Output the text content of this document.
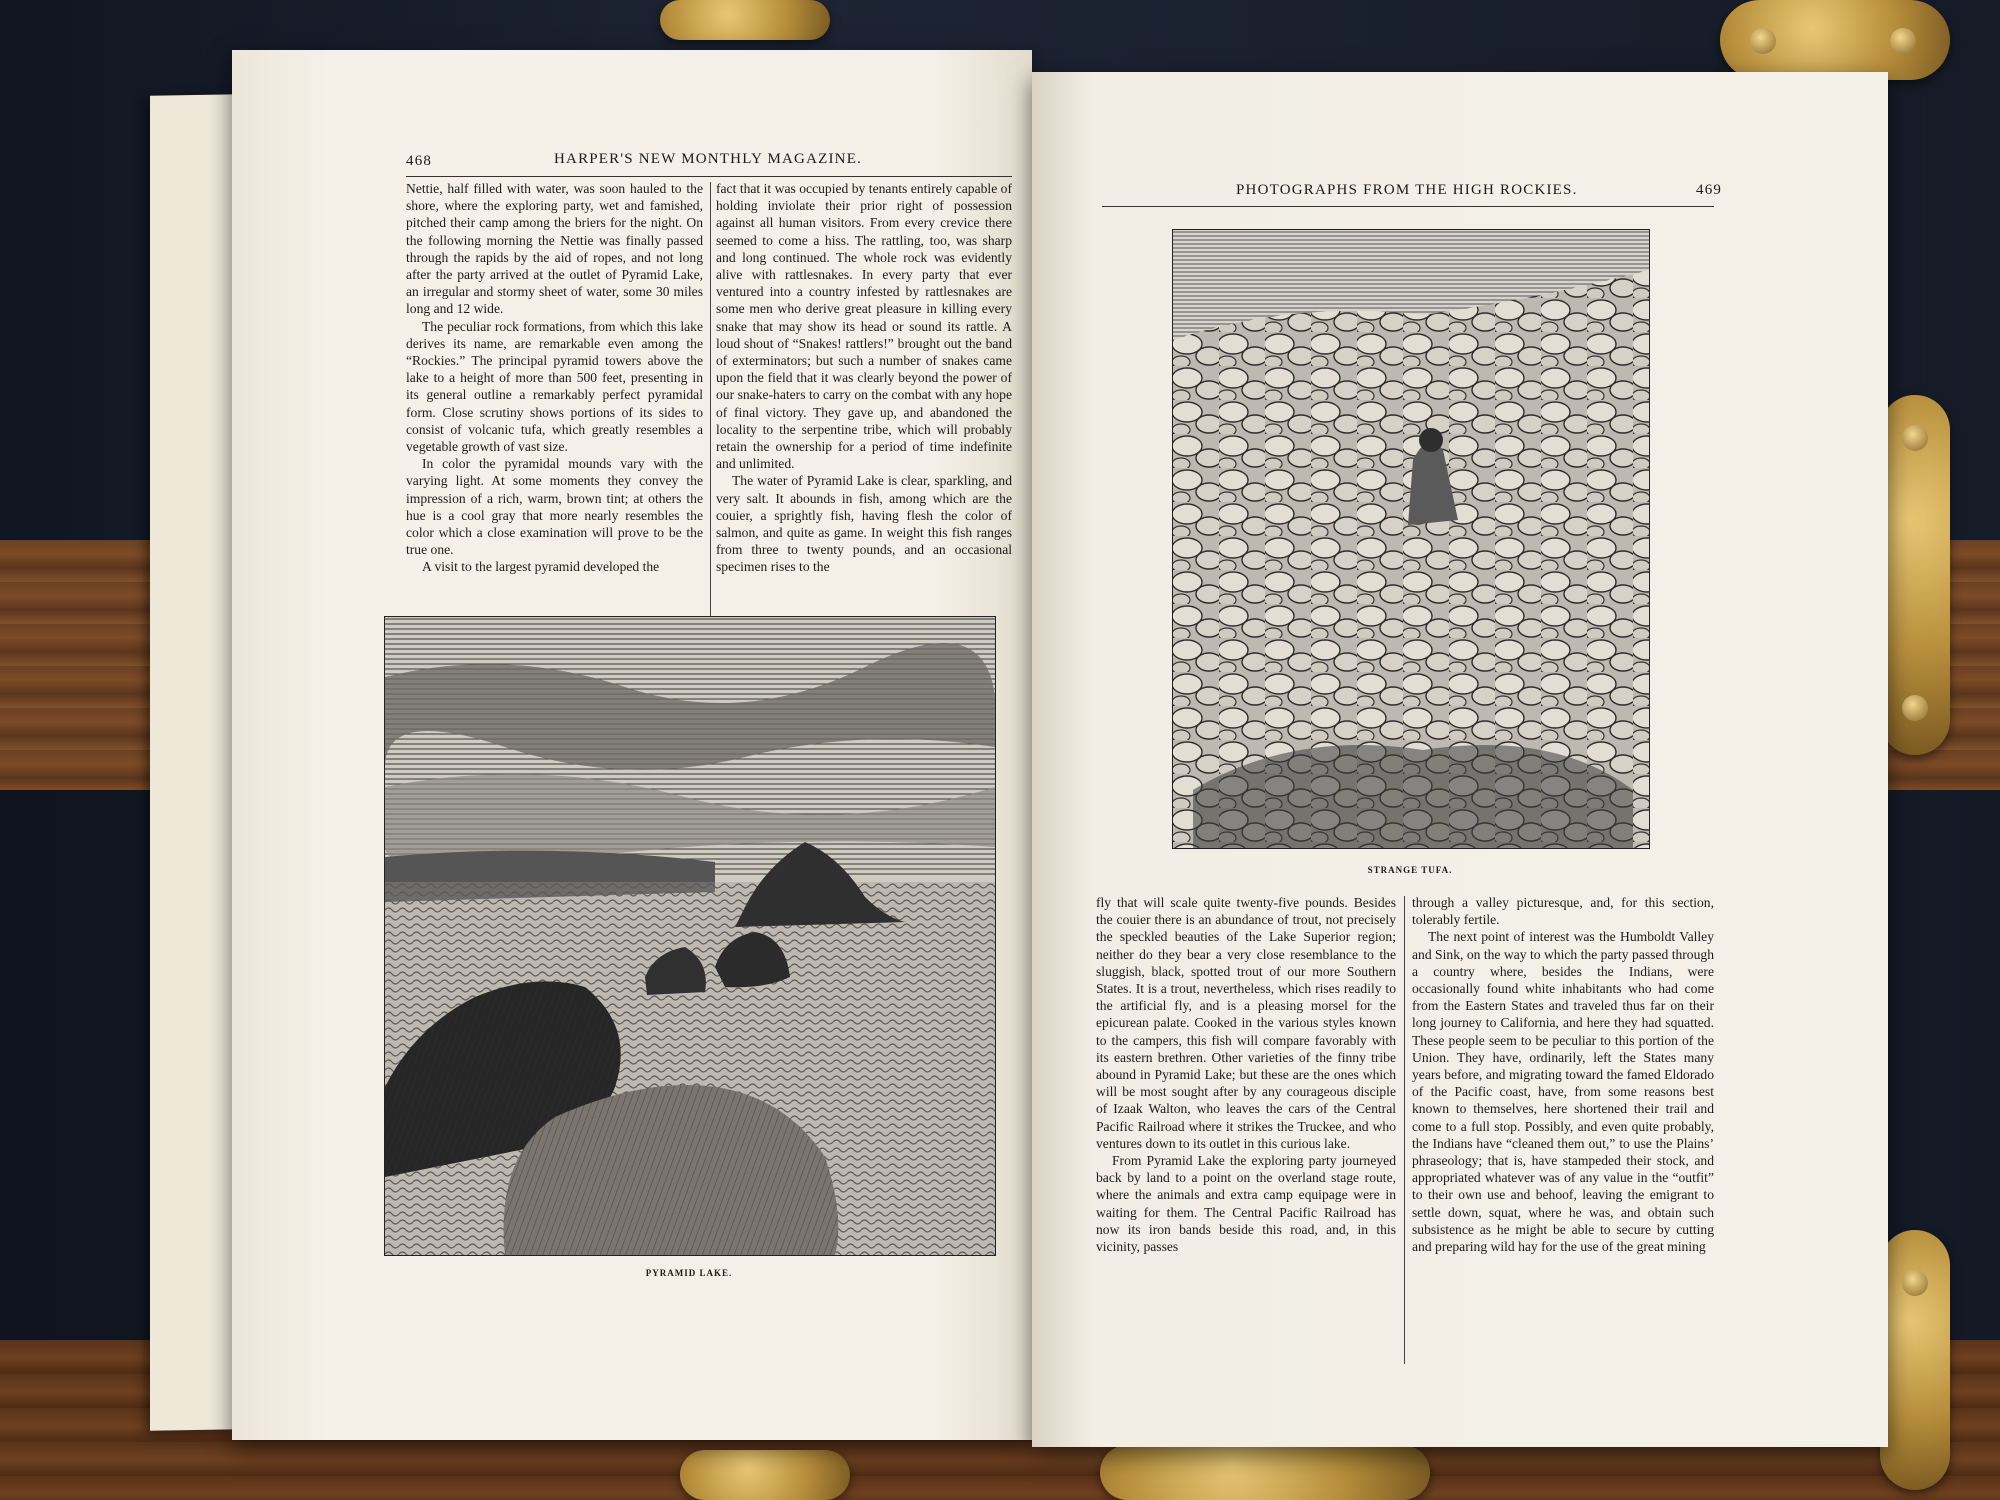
468	HARPER'S NEW MONTHLY MAGAZINE.

Nettie, half filled with water, was soon hauled to the shore, where the exploring party, wet and famished, pitched their camp among the briers for the night. On the following morning the Nettie was finally passed through the rapids by the aid of ropes, and not long after the party arrived at the outlet of Pyramid Lake, an irregular and stormy sheet of water, some 30 miles long and 12 wide.

The peculiar rock formations, from which this lake derives its name, are remarkable even among the “Rockies.” The principal pyramid towers above the lake to a height of more than 500 feet, presenting in its general outline a remarkably perfect pyramidal form. Close scrutiny shows portions of its sides to consist of volcanic tufa, which greatly resembles a vegetable growth of vast size.

In color the pyramidal mounds vary with the varying light. At some moments they convey the impression of a rich, warm, brown tint; at others the hue is a cool gray that more nearly resembles the color which a close examination will prove to be the true one.

A visit to the largest pyramid developed the

fact that it was occupied by tenants entirely capable of holding inviolate their prior right of possession against all human visitors. From every crevice there seemed to come a hiss. The rattling, too, was sharp and long continued. The whole rock was evidently alive with rattlesnakes. In every party that ever ventured into a country infested by rattlesnakes are some men who derive great pleasure in killing every snake that may show its head or sound its rattle. A loud shout of “Snakes! rattlers!” brought out the band of exterminators; but such a number of snakes came upon the field that it was clearly beyond the power of our snake-haters to carry on the combat with any hope of final victory. They gave up, and abandoned the locality to the serpentine tribe, which will probably retain the ownership for a period of time indefinite and unlimited.

The water of Pyramid Lake is clear, sparkling, and very salt. It abounds in fish, among which are the couier, a sprightly fish, having flesh the color of salmon, and quite as game. In weight this fish ranges from three to twenty pounds, and an occasional specimen rises to the

PYRAMID LAKE.
PHOTOGRAPHS FROM THE HIGH ROCKIES.	469
STRANGE TUFA.

fly that will scale quite twenty-five pounds. Besides the couier there is an abundance of trout, not precisely the speckled beauties of the Lake Superior region; neither do they bear a very close resemblance to the sluggish, black, spotted trout of our more Southern States. It is a trout, nevertheless, which rises readily to the artificial fly, and is a pleasing morsel for the epicurean palate. Cooked in the various styles known to the campers, this fish will compare favorably with its eastern brethren. Other varieties of the finny tribe abound in Pyramid Lake; but these are the ones which will be most sought after by any courageous disciple of Izaak Walton, who leaves the cars of the Central Pacific Railroad where it strikes the Truckee, and who ventures down to its outlet in this curious lake.

From Pyramid Lake the exploring party journeyed back by land to a point on the overland stage route, where the animals and extra camp equipage were in waiting for them. The Central Pacific Railroad has now its iron bands beside this road, and, in this vicinity, passes

through a valley picturesque, and, for this section, tolerably fertile.

The next point of interest was the Humboldt Valley and Sink, on the way to which the party passed through a country where, besides the Indians, were occasionally found white inhabitants who had come from the Eastern States and traveled thus far on their long journey to California, and here they had squatted. These people seem to be peculiar to this portion of the Union. They have, ordinarily, left the States many years before, and migrating toward the famed Eldorado of the Pacific coast, have, from some reasons best known to themselves, here shortened their trail and come to a full stop. Possibly, and even quite probably, the Indians have “cleaned them out,” to use the Plains’ phraseology; that is, have stampeded their stock, and appropriated whatever was of any value in the “outfit” to their own use and behoof, leaving the emigrant to settle down, squat, where he was, and obtain such subsistence as he might be able to secure by cutting and preparing wild hay for the use of the great mining
